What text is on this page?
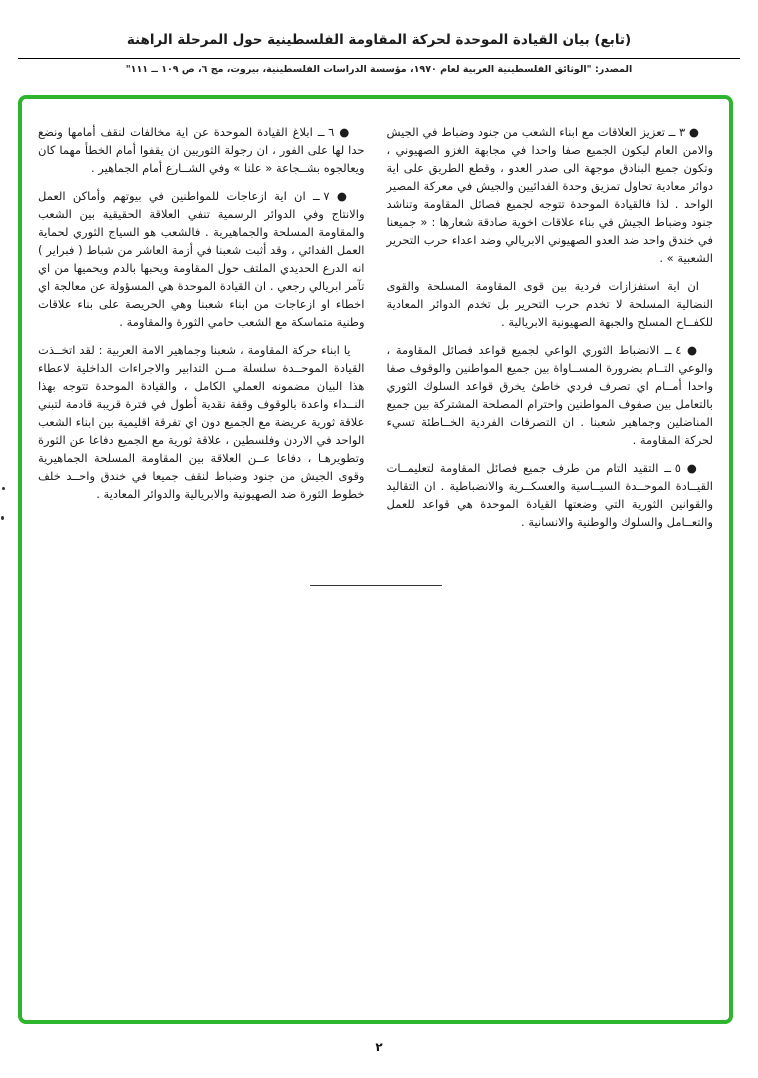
(تابع) بيان القيادة الموحدة لحركة المقاومة الفلسطينية حول المرحلة الراهنة
المصدر: "الوثائق الفلسطينية العربية لعام ١٩٧٠، مؤسسة الدراسات الفلسطينية، بيروت، مج ٦، ص ١٠٩ ــ ١١١"

● ٣ ــ تعزيز العلاقات مع ابناء الشعب من جنود وضباط في الجيش والامن العام ليكون الجميع صفا واحدا في مجابهة الغزو الصهيوني ، وتكون جميع البنادق موجهة الى صدر العدو ، وقطع الطريق على اية دوائر معادية تحاول تمزيق وحدة الفدائيين والجيش في معركة المصير الواحد . لذا فالقيادة الموحدة تتوجه لجميع فصائل المقاومة وتناشد جنود وضباط الجيش في بناء علاقات اخوية صادقة شعارها : « جميعنا في خندق واحد ضد العدو الصهيوني الابريالي وضد اعداء حرب التحرير الشعبية » .

ان اية استفزازات فردية بين قوى المقاومة المسلحة والقوى النضالية المسلحة لا تخدم حرب التحرير بل تخدم الدوائر المعادية للكفــاح المسلح والجبهة الصهيونية الابريالية .

● ٤ ــ الانضباط الثوري الواعي لجميع قواعد فصائل المقاومة ، والوعي التــام بضرورة المســاواة بين جميع المواطنين والوقوف صفا واحدا أمــام اي تصرف فردي خاطئ يخرق قواعد السلوك الثوري بالتعامل بين صفوف المواطنين واحترام المصلحة المشتركة بين جميع المناضلين وجماهير شعبنا . ان التصرفات الفردية الخــاطئة تسيء لحركة المقاومة .

● ٥ ــ التقيد التام من طرف جميع فصائل المقاومة لتعليمــات القيــادة الموحــدة السيــاسية والعسكــرية والانضباطية . ان التقاليد والقوانين الثورية التي وضعتها القيادة الموحدة هي قواعد للعمل والتعــامل والسلوك والوطنية والانسانية .

● ٦ ــ ابلاغ القيادة الموحدة عن اية مخالفات لنقف أمامها ونضع حدا لها على الفور ، ان رجولة الثوريين ان يقفوا أمام الخطأ مهما كان ويعالجوه بشــجاعة « علنا » وفي الشــارع أمام الجماهير .

● ٧ ــ ان اية ازعاجات للمواطنين في بيوتهم وأماكن العمل والانتاج وفي الدوائر الرسمية تنفي العلاقة الحقيقية بين الشعب والمقاومة المسلحة والجماهيرية . فالشعب هو السياج الثوري لحماية العمل الفدائي ، وقد أثبت شعبنا في أزمة العاشر من شباط ( فبراير ) انه الدرع الحديدي الملتف حول المقاومة ويحبها بالدم ويحميها من اي تآمر ابريالي رجعي . ان القيادة الموحدة هي المسؤولة عن معالجة اي اخطاء او ازعاجات من ابناء شعبنا وهي الحريصة على بناء علاقات وطنية متماسكة مع الشعب حامي الثورة والمقاومة .

يا ابناء حركة المقاومة ، شعبنا وجماهير الامة العربية : لقد اتخــذت القيادة الموحــدة سلسلة مــن التدابير والاجراءات الداخلية لاعطاء هذا البيان مضمونه العملي الكامل ، والقيادة الموحدة تتوجه بهذا النــداء واعدة بالوقوف وقفة نقدية أطول في فترة قريبة قادمة لتبني علاقة ثورية عريضة مع الجميع دون اي تفرقة اقليمية بين ابناء الشعب الواحد في الاردن وفلسطين ، علاقة ثورية مع الجميع دفاعا عن الثورة وتطويرهـا ، دفاعا عــن العلاقة بين المقاومة المسلحة الجماهيرية وقوى الجيش من جنود وضباط لنقف جميعا في خندق واحــد خلف خطوط الثورة ضد الصهيونية والابريالية والدوائر المعادية .

٢
